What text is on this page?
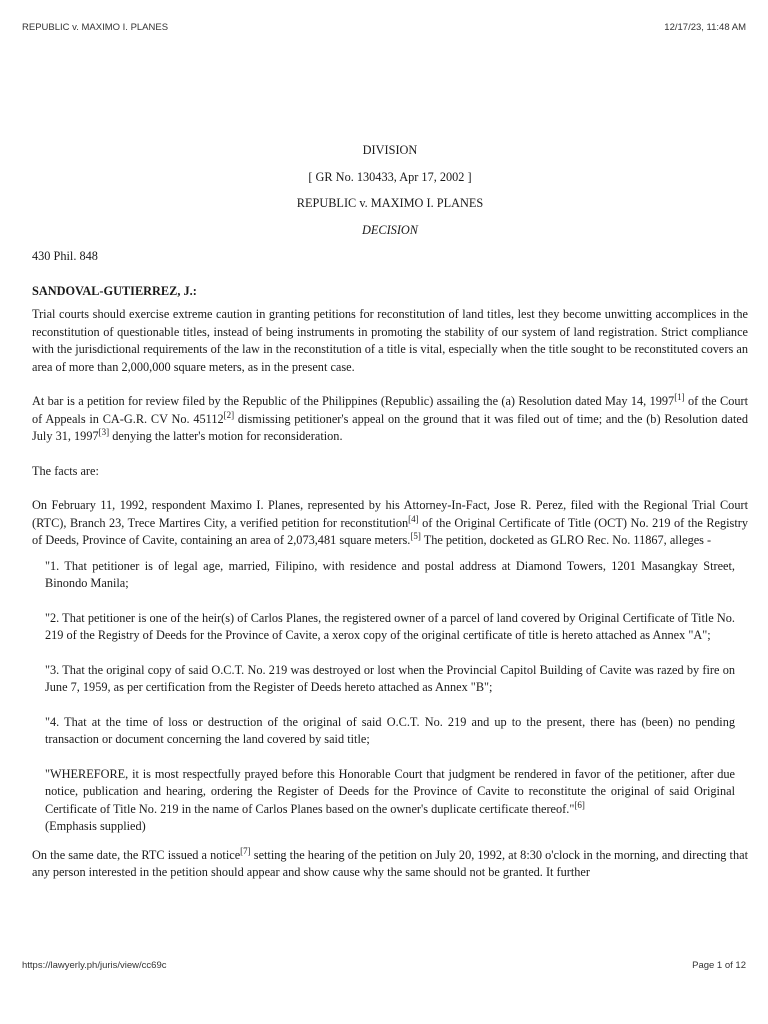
REPUBLIC v. MAXIMO I. PLANES	12/17/23, 11:48 AM

DIVISION

[ GR No. 130433, Apr 17, 2002 ]

REPUBLIC v. MAXIMO I. PLANES

DECISION

430 Phil. 848

SANDOVAL-GUTIERREZ, J.:

Trial courts should exercise extreme caution in granting petitions for reconstitution of land titles, lest they become unwitting accomplices in the reconstitution of questionable titles, instead of being instruments in promoting the stability of our system of land registration. Strict compliance with the jurisdictional requirements of the law in the reconstitution of a title is vital, especially when the title sought to be reconstituted covers an area of more than 2,000,000 square meters, as in the present case.

At bar is a petition for review filed by the Republic of the Philippines (Republic) assailing the (a) Resolution dated May 14, 1997[1] of the Court of Appeals in CA-G.R. CV No. 45112[2] dismissing petitioner's appeal on the ground that it was filed out of time; and the (b) Resolution dated July 31, 1997[3] denying the latter's motion for reconsideration.

The facts are:

On February 11, 1992, respondent Maximo I. Planes, represented by his Attorney-In-Fact, Jose R. Perez, filed with the Regional Trial Court (RTC), Branch 23, Trece Martires City, a verified petition for reconstitution[4] of the Original Certificate of Title (OCT) No. 219 of the Registry of Deeds, Province of Cavite, containing an area of 2,073,481 square meters.[5] The petition, docketed as GLRO Rec. No. 11867, alleges -

"1. That petitioner is of legal age, married, Filipino, with residence and postal address at Diamond Towers, 1201 Masangkay Street, Binondo Manila;

"2. That petitioner is one of the heir(s) of Carlos Planes, the registered owner of a parcel of land covered by Original Certificate of Title No. 219 of the Registry of Deeds for the Province of Cavite, a xerox copy of the original certificate of title is hereto attached as Annex "A";

"3. That the original copy of said O.C.T. No. 219 was destroyed or lost when the Provincial Capitol Building of Cavite was razed by fire on June 7, 1959, as per certification from the Register of Deeds hereto attached as Annex "B";

"4. That at the time of loss or destruction of the original of said O.C.T. No. 219 and up to the present, there has (been) no pending transaction or document concerning the land covered by said title;

"WHEREFORE, it is most respectfully prayed before this Honorable Court that judgment be rendered in favor of the petitioner, after due notice, publication and hearing, ordering the Register of Deeds for the Province of Cavite to reconstitute the original of said Original Certificate of Title No. 219 in the name of Carlos Planes based on the owner's duplicate certificate thereof."[6]
(Emphasis supplied)

On the same date, the RTC issued a notice[7] setting the hearing of the petition on July 20, 1992, at 8:30 o'clock in the morning, and directing that any person interested in the petition should appear and show cause why the same should not be granted. It further

https://lawyerly.ph/juris/view/cc69c	Page 1 of 12
